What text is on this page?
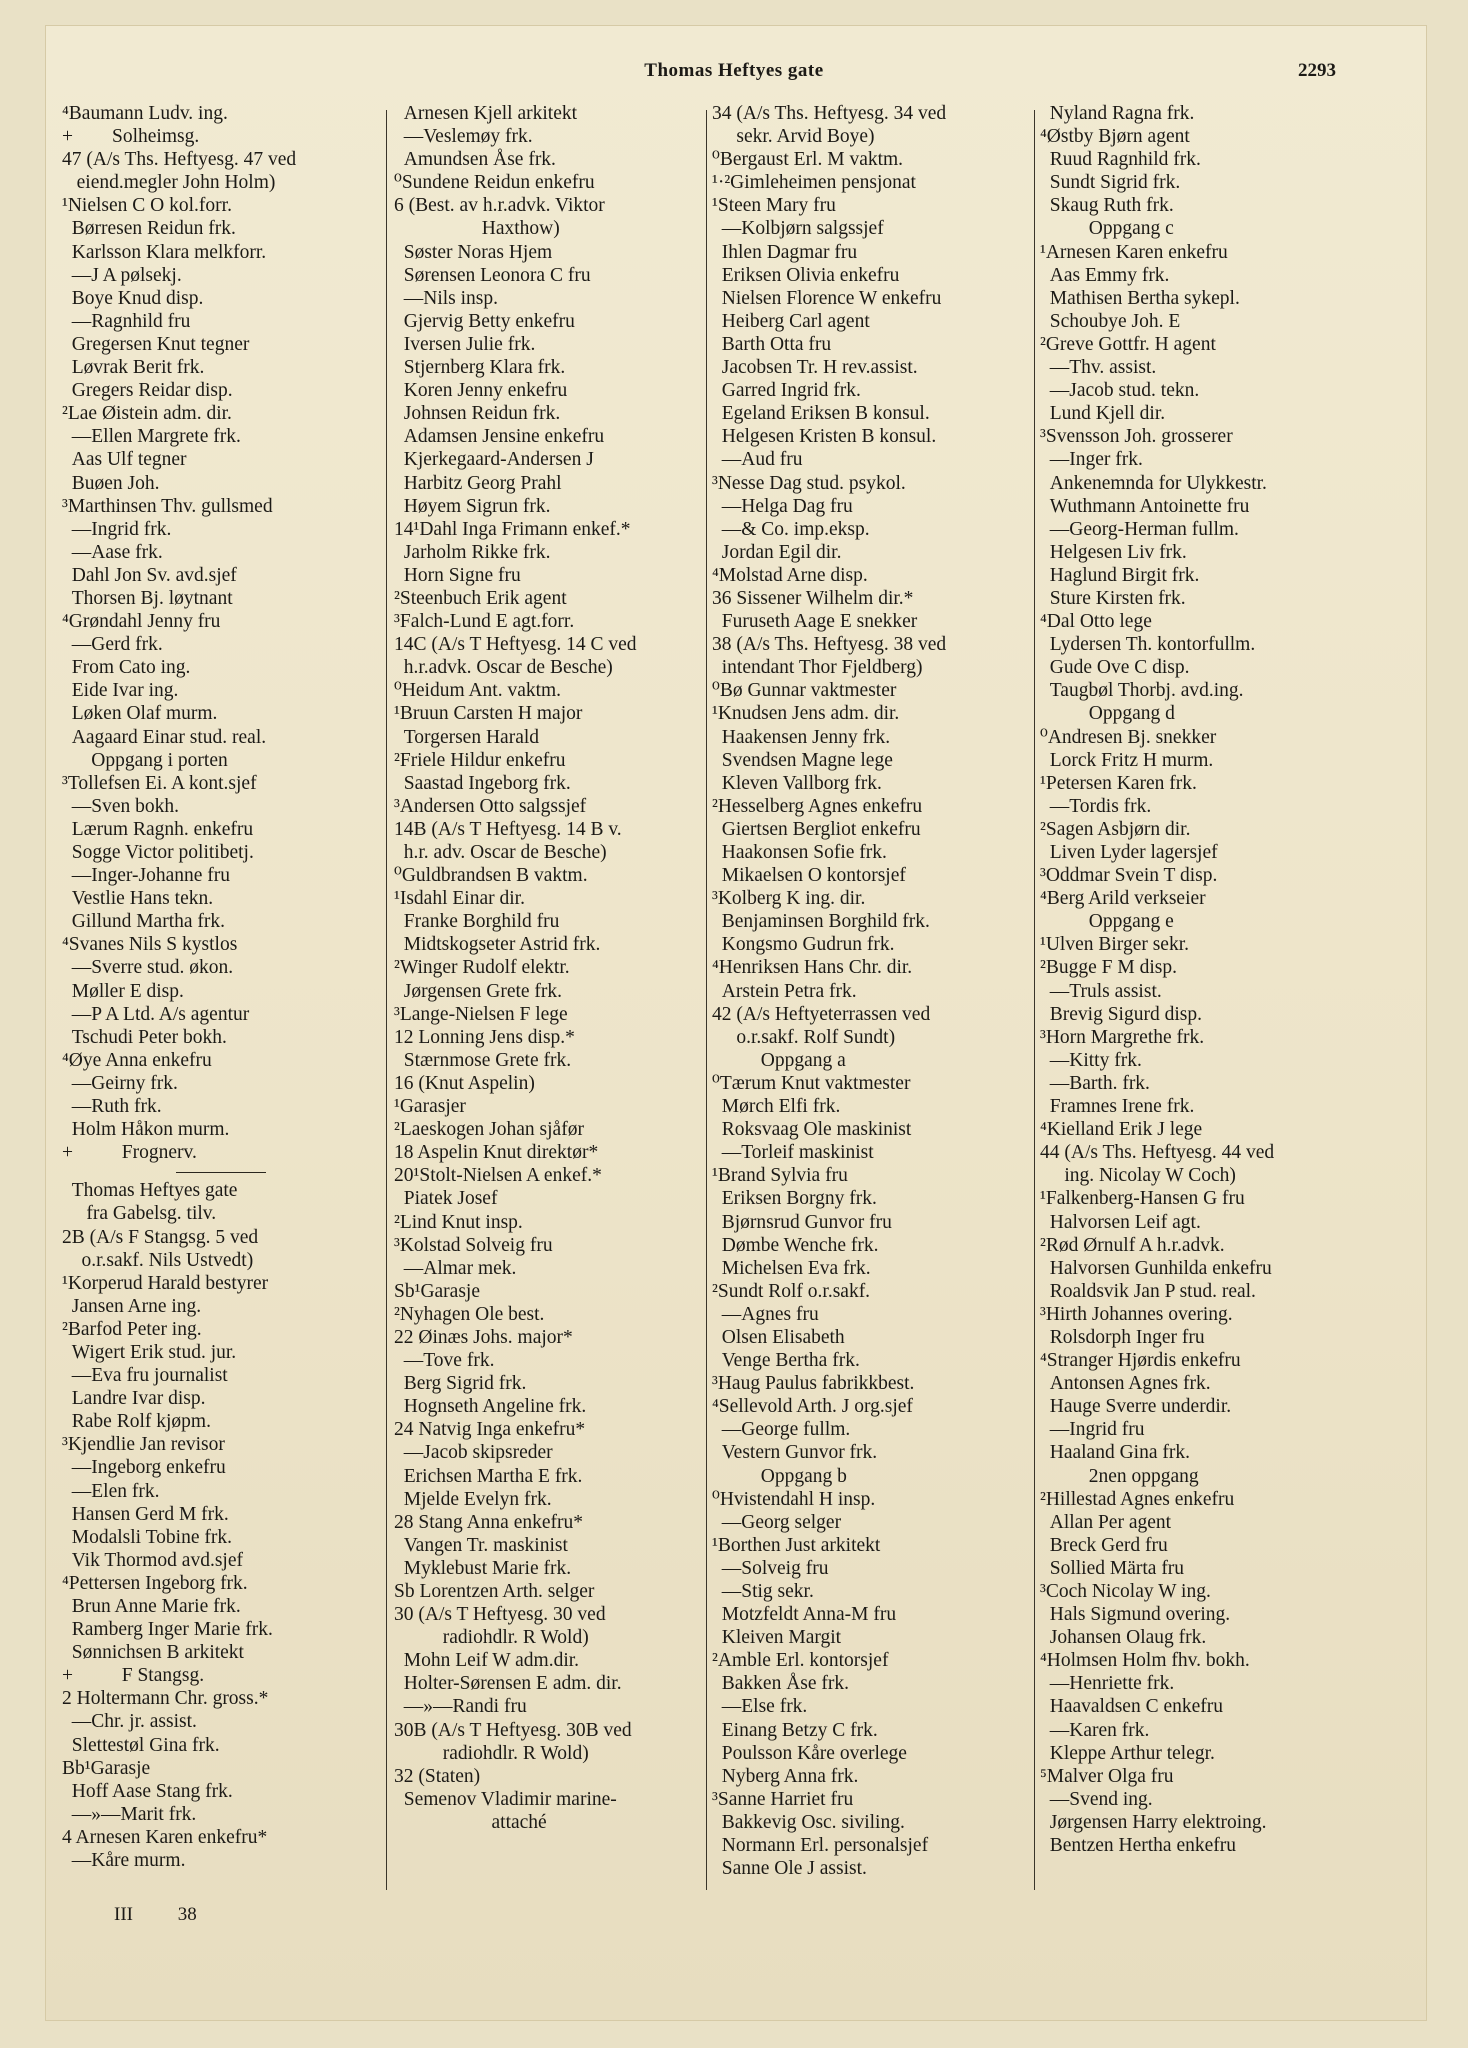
Thomas Heftyes gate	2293
⁴Baumann Ludv. ing.
+        Solheimsg.
47 (A/s Ths. Heftyesg. 47 ved
eiend.megler John Holm)
¹Nielsen C O kol.forr.
Børresen Reidun frk.
Karlsson Klara melkforr.
—J A pølsekj.
Boye Knud disp.
—Ragnhild fru
Gregersen Knut tegner
Løvrak Berit frk.
Gregers Reidar disp.
²Lae Øistein adm. dir.
—Ellen Margrete frk.
Aas Ulf tegner
Buøen Joh.
³Marthinsen Thv. gullsmed
—Ingrid frk.
—Aase frk.
Dahl Jon Sv. avd.sjef
Thorsen Bj. løytnant
⁴Grøndahl Jenny fru
—Gerd frk.
From Cato ing.
Eide Ivar ing.
Løken Olaf murm.
Aagaard Einar stud. real.
Oppgang i porten
³Tollefsen Ei. A kont.sjef
—Sven bokh.
Lærum Ragnh. enkefru
Sogge Victor politibetj.
—Inger-Johanne fru
Vestlie Hans tekn.
Gillund Martha frk.
⁴Svanes Nils S kystlos
—Sverre stud. økon.
Møller E disp.
—P A Ltd. A/s agentur
Tschudi Peter bokh.
⁴Øye Anna enkefru
—Geirny frk.
—Ruth frk.
Holm Håkon murm.
+          Frognerv.
Thomas Heftyes gate
fra Gabelsg. tilv.
2B (A/s F Stangsg. 5 ved
o.r.sakf. Nils Ustvedt)
¹Korperud Harald bestyrer
Jansen Arne ing.
²Barfod Peter ing.
Wigert Erik stud. jur.
—Eva fru journalist
Landre Ivar disp.
Rabe Rolf kjøpm.
³Kjendlie Jan revisor
—Ingeborg enkefru
—Elen frk.
Hansen Gerd M frk.
Modalsli Tobine frk.
Vik Thormod avd.sjef
⁴Pettersen Ingeborg frk.
Brun Anne Marie frk.
Ramberg Inger Marie frk.
Sønnichsen B arkitekt
+          F Stangsg.
2 Holtermann Chr. gross.*
—Chr. jr. assist.
Slettestøl Gina frk.
Bb¹Garasje
Hoff Aase Stang frk.
—»—Marit frk.
4 Arnesen Karen enkefru*
—Kåre murm.
Arnesen Kjell arkitekt
—Veslemøy frk.
Amundsen Åse frk.
⁰Sundene Reidun enkefru
6 (Best. av h.r.advk. Viktor
Haxthow)
Søster Noras Hjem
Sørensen Leonora C fru
—Nils insp.
Gjervig Betty enkefru
Iversen Julie frk.
Stjernberg Klara frk.
Koren Jenny enkefru
Johnsen Reidun frk.
Adamsen Jensine enkefru
Kjerkegaard-Andersen J
Harbitz Georg Prahl
Høyem Sigrun frk.
14¹Dahl Inga Frimann enkef.*
Jarholm Rikke frk.
Horn Signe fru
²Steenbuch Erik agent
³Falch-Lund E agt.forr.
14C (A/s T Heftyesg. 14 C ved
h.r.advk. Oscar de Besche)
⁰Heidum Ant. vaktm.
¹Bruun Carsten H major
Torgersen Harald
²Friele Hildur enkefru
Saastad Ingeborg frk.
³Andersen Otto salgssjef
14B (A/s T Heftyesg. 14 B v.
h.r. adv. Oscar de Besche)
⁰Guldbrandsen B vaktm.
¹Isdahl Einar dir.
Franke Borghild fru
Midtskogseter Astrid frk.
²Winger Rudolf elektr.
Jørgensen Grete frk.
³Lange-Nielsen F lege
12 Lonning Jens disp.*
Stærnmose Grete frk.
16 (Knut Aspelin)
¹Garasjer
²Laeskogen Johan sjåfør
18 Aspelin Knut direktør*
20¹Stolt-Nielsen A enkef.*
Piatek Josef
²Lind Knut insp.
³Kolstad Solveig fru
—Almar mek.
Sb¹Garasje
²Nyhagen Ole best.
22 Øinæs Johs. major*
—Tove frk.
Berg Sigrid frk.
Hognseth Angeline frk.
24 Natvig Inga enkefru*
—Jacob skipsreder
Erichsen Martha E frk.
Mjelde Evelyn frk.
28 Stang Anna enkefru*
Vangen Tr. maskinist
Myklebust Marie frk.
Sb Lorentzen Arth. selger
30 (A/s T Heftyesg. 30 ved
radiohdlr. R Wold)
Mohn Leif W adm.dir.
Holter-Sørensen E adm. dir.
—»—Randi fru
30B (A/s T Heftyesg. 30B ved
radiohdlr. R Wold)
32 (Staten)
Semenov Vladimir marine-
attaché
34 (A/s Ths. Heftyesg. 34 ved
sekr. Arvid Boye)
⁰Bergaust Erl. M vaktm.
¹·²Gimleheimen pensjonat
¹Steen Mary fru
—Kolbjørn salgssjef
Ihlen Dagmar fru
Eriksen Olivia enkefru
Nielsen Florence W enkefru
Heiberg Carl agent
Barth Otta fru
Jacobsen Tr. H rev.assist.
Garred Ingrid frk.
Egeland Eriksen B konsul.
Helgesen Kristen B konsul.
—Aud fru
³Nesse Dag stud. psykol.
—Helga Dag fru
—& Co. imp.eksp.
Jordan Egil dir.
⁴Molstad Arne disp.
36 Sissener Wilhelm dir.*
Furuseth Aage E snekker
38 (A/s Ths. Heftyesg. 38 ved
intendant Thor Fjeldberg)
⁰Bø Gunnar vaktmester
¹Knudsen Jens adm. dir.
Haakensen Jenny frk.
Svendsen Magne lege
Kleven Vallborg frk.
²Hesselberg Agnes enkefru
Giertsen Bergliot enkefru
Haakonsen Sofie frk.
Mikaelsen O kontorsjef
³Kolberg K ing. dir.
Benjaminsen Borghild frk.
Kongsmo Gudrun frk.
⁴Henriksen Hans Chr. dir.
Arstein Petra frk.
42 (A/s Heftyeterrassen ved
o.r.sakf. Rolf Sundt)
Oppgang a
⁰Tærum Knut vaktmester
Mørch Elfi frk.
Roksvaag Ole maskinist
—Torleif maskinist
¹Brand Sylvia fru
Eriksen Borgny frk.
Bjørnsrud Gunvor fru
Dømbe Wenche frk.
Michelsen Eva frk.
²Sundt Rolf o.r.sakf.
—Agnes fru
Olsen Elisabeth
Venge Bertha frk.
³Haug Paulus fabrikkbest.
⁴Sellevold Arth. J org.sjef
—George fullm.
Vestern Gunvor frk.
Oppgang b
⁰Hvistendahl H insp.
—Georg selger
¹Borthen Just arkitekt
—Solveig fru
—Stig sekr.
Motzfeldt Anna-M fru
Kleiven Margit
²Amble Erl. kontorsjef
Bakken Åse frk.
—Else frk.
Einang Betzy C frk.
Poulsson Kåre overlege
Nyberg Anna frk.
³Sanne Harriet fru
Bakkevig Osc. siviling.
Normann Erl. personalsjef
Sanne Ole J assist.
Nyland Ragna frk.
⁴Østby Bjørn agent
Ruud Ragnhild frk.
Sundt Sigrid frk.
Skaug Ruth frk.
Oppgang c
¹Arnesen Karen enkefru
Aas Emmy frk.
Mathisen Bertha sykepl.
Schoubye Joh. E
²Greve Gottfr. H agent
—Thv. assist.
—Jacob stud. tekn.
Lund Kjell dir.
³Svensson Joh. grosserer
—Inger frk.
Ankenemnda for Ulykkestr.
Wuthmann Antoinette fru
—Georg-Herman fullm.
Helgesen Liv frk.
Haglund Birgit frk.
Sture Kirsten frk.
⁴Dal Otto lege
Lydersen Th. kontorfullm.
Gude Ove C disp.
Taugbøl Thorbj. avd.ing.
Oppgang d
⁰Andresen Bj. snekker
Lorck Fritz H murm.
¹Petersen Karen frk.
—Tordis frk.
²Sagen Asbjørn dir.
Liven Lyder lagersjef
³Oddmar Svein T disp.
⁴Berg Arild verkseier
Oppgang e
¹Ulven Birger sekr.
²Bugge F M disp.
—Truls assist.
Brevig Sigurd disp.
³Horn Margrethe frk.
—Kitty frk.
—Barth. frk.
Framnes Irene frk.
⁴Kielland Erik J lege
44 (A/s Ths. Heftyesg. 44 ved
ing. Nicolay W Coch)
¹Falkenberg-Hansen G fru
Halvorsen Leif agt.
²Rød Ørnulf A h.r.advk.
Halvorsen Gunhilda enkefru
Roaldsvik Jan P stud. real.
³Hirth Johannes overing.
Rolsdorph Inger fru
⁴Stranger Hjørdis enkefru
Antonsen Agnes frk.
Hauge Sverre underdir.
—Ingrid fru
Haaland Gina frk.
2nen oppgang
²Hillestad Agnes enkefru
Allan Per agent
Breck Gerd fru
Sollied Märta fru
³Coch Nicolay W ing.
Hals Sigmund overing.
Johansen Olaug frk.
⁴Holmsen Holm fhv. bokh.
—Henriette frk.
Haavaldsen C enkefru
—Karen frk.
Kleppe Arthur telegr.
⁵Malver Olga fru
—Svend ing.
Jørgensen Harry elektroing.
Bentzen Hertha enkefru
III 38
